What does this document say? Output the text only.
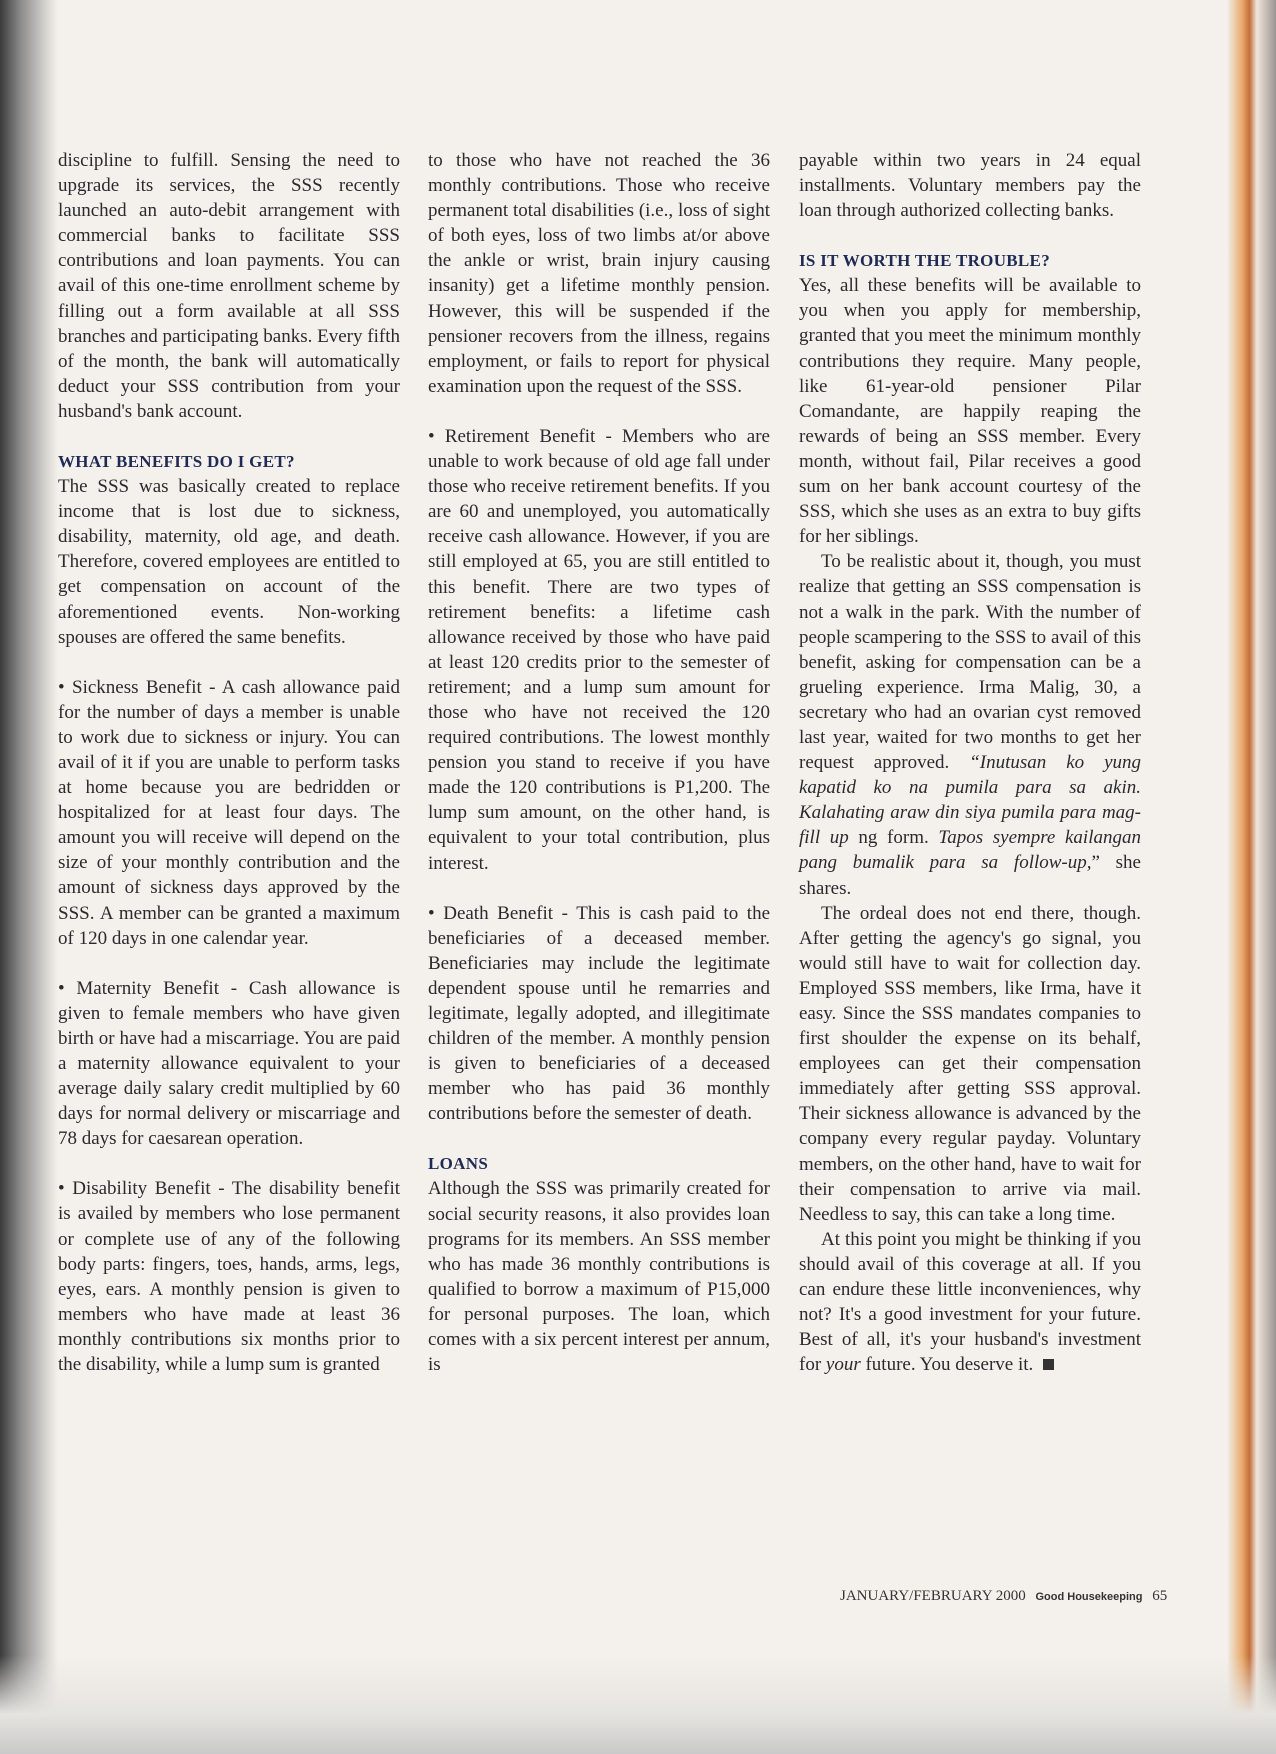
discipline to fulfill. Sensing the need to upgrade its services, the SSS recently launched an auto-debit arrangement with commercial banks to facilitate SSS contributions and loan payments. You can avail of this one-time enrollment scheme by filling out a form available at all SSS branches and participating banks. Every fifth of the month, the bank will automatically deduct your SSS contribution from your husband's bank account.

WHAT BENEFITS DO I GET?

The SSS was basically created to replace income that is lost due to sickness, disability, maternity, old age, and death. Therefore, covered employees are entitled to get compensation on account of the aforementioned events. Non-working spouses are offered the same benefits.

• Sickness Benefit - A cash allowance paid for the number of days a member is unable to work due to sickness or injury. You can avail of it if you are unable to perform tasks at home because you are bedridden or hospitalized for at least four days. The amount you will receive will depend on the size of your monthly contribution and the amount of sickness days approved by the SSS. A member can be granted a maximum of 120 days in one calendar year.

• Maternity Benefit - Cash allowance is given to female members who have given birth or have had a miscarriage. You are paid a maternity allowance equivalent to your average daily salary credit multiplied by 60 days for normal delivery or miscarriage and 78 days for caesarean operation.

• Disability Benefit - The disability benefit is availed by members who lose permanent or complete use of any of the following body parts: fingers, toes, hands, arms, legs, eyes, ears. A monthly pension is given to members who have made at least 36 monthly contributions six months prior to the disability, while a lump sum is granted

to those who have not reached the 36 monthly contributions. Those who receive permanent total disabilities (i.e., loss of sight of both eyes, loss of two limbs at/or above the ankle or wrist, brain injury causing insanity) get a lifetime monthly pension. However, this will be suspended if the pensioner recovers from the illness, regains employment, or fails to report for physical examination upon the request of the SSS.

• Retirement Benefit - Members who are unable to work because of old age fall under those who receive retirement benefits. If you are 60 and unemployed, you automatically receive cash allowance. However, if you are still employed at 65, you are still entitled to this benefit. There are two types of retirement benefits: a lifetime cash allowance received by those who have paid at least 120 credits prior to the semester of retirement; and a lump sum amount for those who have not received the 120 required contributions. The lowest monthly pension you stand to receive if you have made the 120 contributions is P1,200. The lump sum amount, on the other hand, is equivalent to your total contribution, plus interest.

• Death Benefit - This is cash paid to the beneficiaries of a deceased member. Beneficiaries may include the legitimate dependent spouse until he remarries and legitimate, legally adopted, and illegitimate children of the member. A monthly pension is given to beneficiaries of a deceased member who has paid 36 monthly contributions before the semester of death.

LOANS

Although the SSS was primarily created for social security reasons, it also provides loan programs for its members. An SSS member who has made 36 monthly contributions is qualified to borrow a maximum of P15,000 for personal purposes. The loan, which comes with a six percent interest per annum, is

payable within two years in 24 equal installments. Voluntary members pay the loan through authorized collecting banks.

IS IT WORTH THE TROUBLE?

Yes, all these benefits will be available to you when you apply for membership, granted that you meet the minimum monthly contributions they require. Many people, like 61-year-old pensioner Pilar Comandante, are happily reaping the rewards of being an SSS member. Every month, without fail, Pilar receives a good sum on her bank account courtesy of the SSS, which she uses as an extra to buy gifts for her siblings.

To be realistic about it, though, you must realize that getting an SSS compensation is not a walk in the park. With the number of people scampering to the SSS to avail of this benefit, asking for compensation can be a grueling experience. Irma Malig, 30, a secretary who had an ovarian cyst removed last year, waited for two months to get her request approved. “Inutusan ko yung kapatid ko na pumila para sa akin. Kalahating araw din siya pumila para mag-fill up ng form. Tapos syempre kailangan pang bumalik para sa follow-up,” she shares.

The ordeal does not end there, though. After getting the agency's go signal, you would still have to wait for collection day. Employed SSS members, like Irma, have it easy. Since the SSS mandates companies to first shoulder the expense on its behalf, employees can get their compensation immediately after getting SSS approval. Their sickness allowance is advanced by the company every regular payday. Voluntary members, on the other hand, have to wait for their compensation to arrive via mail. Needless to say, this can take a long time.

At this point you might be thinking if you should avail of this coverage at all. If you can endure these little inconveniences, why not? It's a good investment for your future. Best of all, it's your husband's investment for your future. You deserve it.

JANUARY/FEBRUARY 2000 Good Housekeeping 65
